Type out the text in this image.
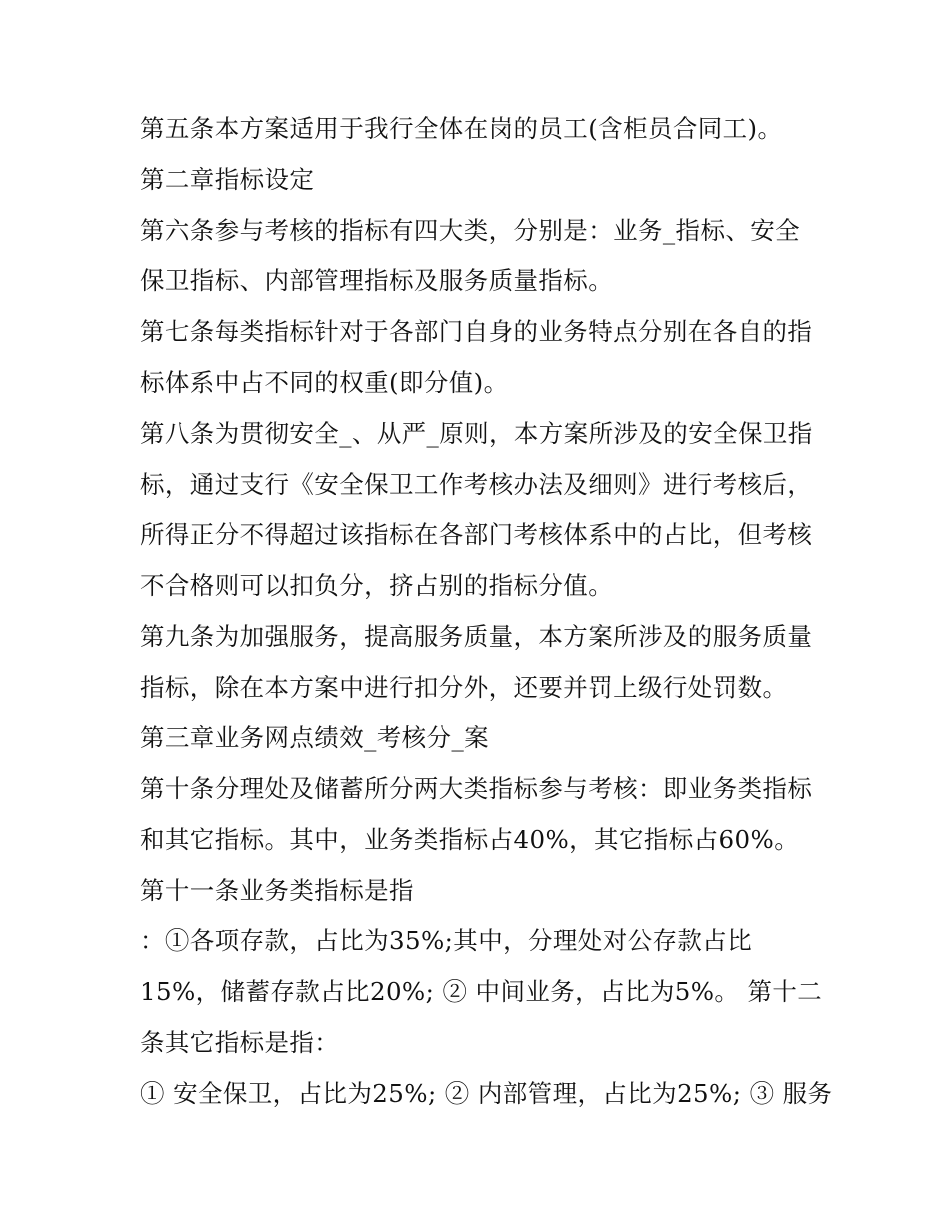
第五条本方案适用于我行全体在岗的员工(含柜员合同工)。

第二章指标设定

第六条参与考核的指标有四大类，分别是：业务_指标、安全

保卫指标、内部管理指标及服务质量指标。

第七条每类指标针对于各部门自身的业务特点分别在各自的指

标体系中占不同的权重(即分值)。

第八条为贯彻安全_、从严_原则，本方案所涉及的安全保卫指

标，通过支行《安全保卫工作考核办法及细则》进行考核后，

所得正分不得超过该指标在各部门考核体系中的占比，但考核

不合格则可以扣负分，挤占别的指标分值。

第九条为加强服务，提高服务质量，本方案所涉及的服务质量

指标，除在本方案中进行扣分外，还要并罚上级行处罚数。

第三章业务网点绩效_考核分_案

第十条分理处及储蓄所分两大类指标参与考核：即业务类指标

和其它指标。其中，业务类指标占40%，其它指标占60%。

第十一条业务类指标是指

：①各项存款，占比为35%;其中，分理处对公存款占比

15%，储蓄存款占比20%; ② 中间业务，占比为5%。 第十二

条其它指标是指：

① 安全保卫，占比为25%; ② 内部管理，占比为25%; ③ 服务
